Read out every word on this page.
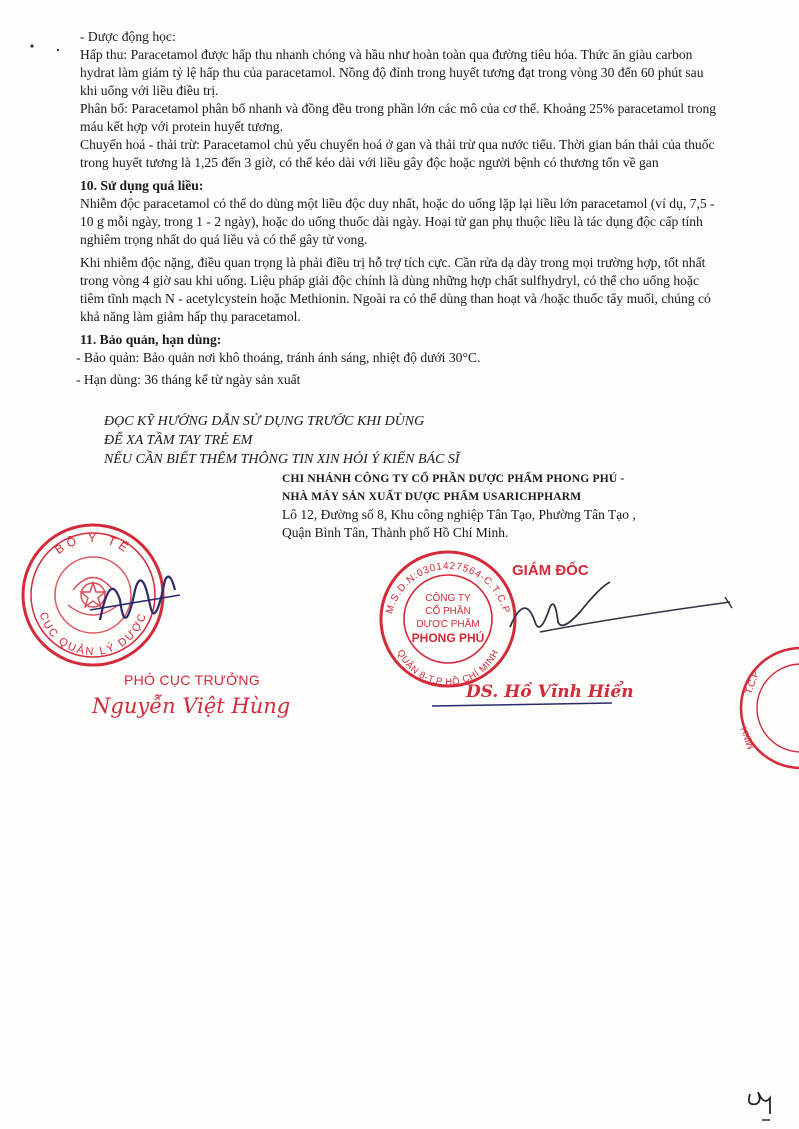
- Dược động học:

Hấp thu: Paracetamol được hấp thu nhanh chóng và hầu như hoàn toàn qua đường tiêu hóa. Thức ăn giàu carbon hydrat làm giảm tỷ lệ hấp thu của paracetamol. Nồng độ đỉnh trong huyết tương đạt trong vòng 30 đến 60 phút sau khi uống với liều điều trị.

Phân bố: Paracetamol phân bố nhanh và đồng đều trong phần lớn các mô của cơ thể. Khoảng 25% paracetamol trong máu kết hợp với protein huyết tương.

Chuyển hoá - thải trừ: Paracetamol chủ yếu chuyển hoá ở gan và thải trừ qua nước tiểu. Thời gian bán thải của thuốc trong huyết tương là 1,25 đến 3 giờ, có thể kéo dài với liều gây độc hoặc người bệnh có thương tổn về gan

10. Sử dụng quá liều:

Nhiễm độc paracetamol có thể do dùng một liều độc duy nhất, hoặc do uống lặp lại liều lớn paracetamol (ví dụ, 7,5 - 10 g mỗi ngày, trong 1 - 2 ngày), hoặc do uống thuốc dài ngày. Hoại tử gan phụ thuộc liều là tác dụng độc cấp tính nghiêm trọng nhất do quá liều và có thể gây tử vong.

Khi nhiễm độc nặng, điều quan trọng là phải điều trị hỗ trợ tích cực. Cần rửa dạ dày trong mọi trường hợp, tốt nhất trong vòng 4 giờ sau khi uống. Liệu pháp giải độc chính là dùng những hợp chất sulfhydryl, có thể cho uống hoặc tiêm tĩnh mạch N - acetylcystein hoặc Methionin. Ngoài ra có thể dùng than hoạt và /hoặc thuốc tẩy muối, chúng có khả năng làm giảm hấp thụ paracetamol.

11. Bảo quản, hạn dùng:

- Bảo quản: Bảo quản nơi khô thoáng, tránh ánh sáng, nhiệt độ dưới 30°C.

- Hạn dùng: 36 tháng kể từ ngày sản xuất

ĐỌC KỸ HƯỚNG DẪN SỬ DỤNG TRƯỚC KHI DÙNG
ĐỂ XA TẦM TAY TRẺ EM
NẾU CẦN BIẾT THÊM THÔNG TIN XIN HỎI Ý KIẾN BÁC SĨ
CHI NHÁNH CÔNG TY CỔ PHẦN DƯỢC PHẨM PHONG PHÚ -
NHÀ MÁY SẢN XUẤT DƯỢC PHẨM USARICHPHARM
Lô 12, Đường số 8, Khu công nghiệp Tân Tạo, Phường Tân Tạo ,
Quận Bình Tân, Thành phố Hồ Chí Minh.
BỘ Y TẾ
CỤC QUẢN LÝ DƯỢC
PHÓ CỤC TRƯỞNG
Nguyễn Việt Hùng
M.S.D.N:0301427564-C.T.C.P
QUẬN 8-T.P HỒ CHÍ MINH
CÔNG TY
CỔ PHẦN
DƯỢC PHẨM
PHONG PHÚ
GIÁM ĐỐC
DS. Hồ Vĩnh Hiển	T.C.P
MINH
